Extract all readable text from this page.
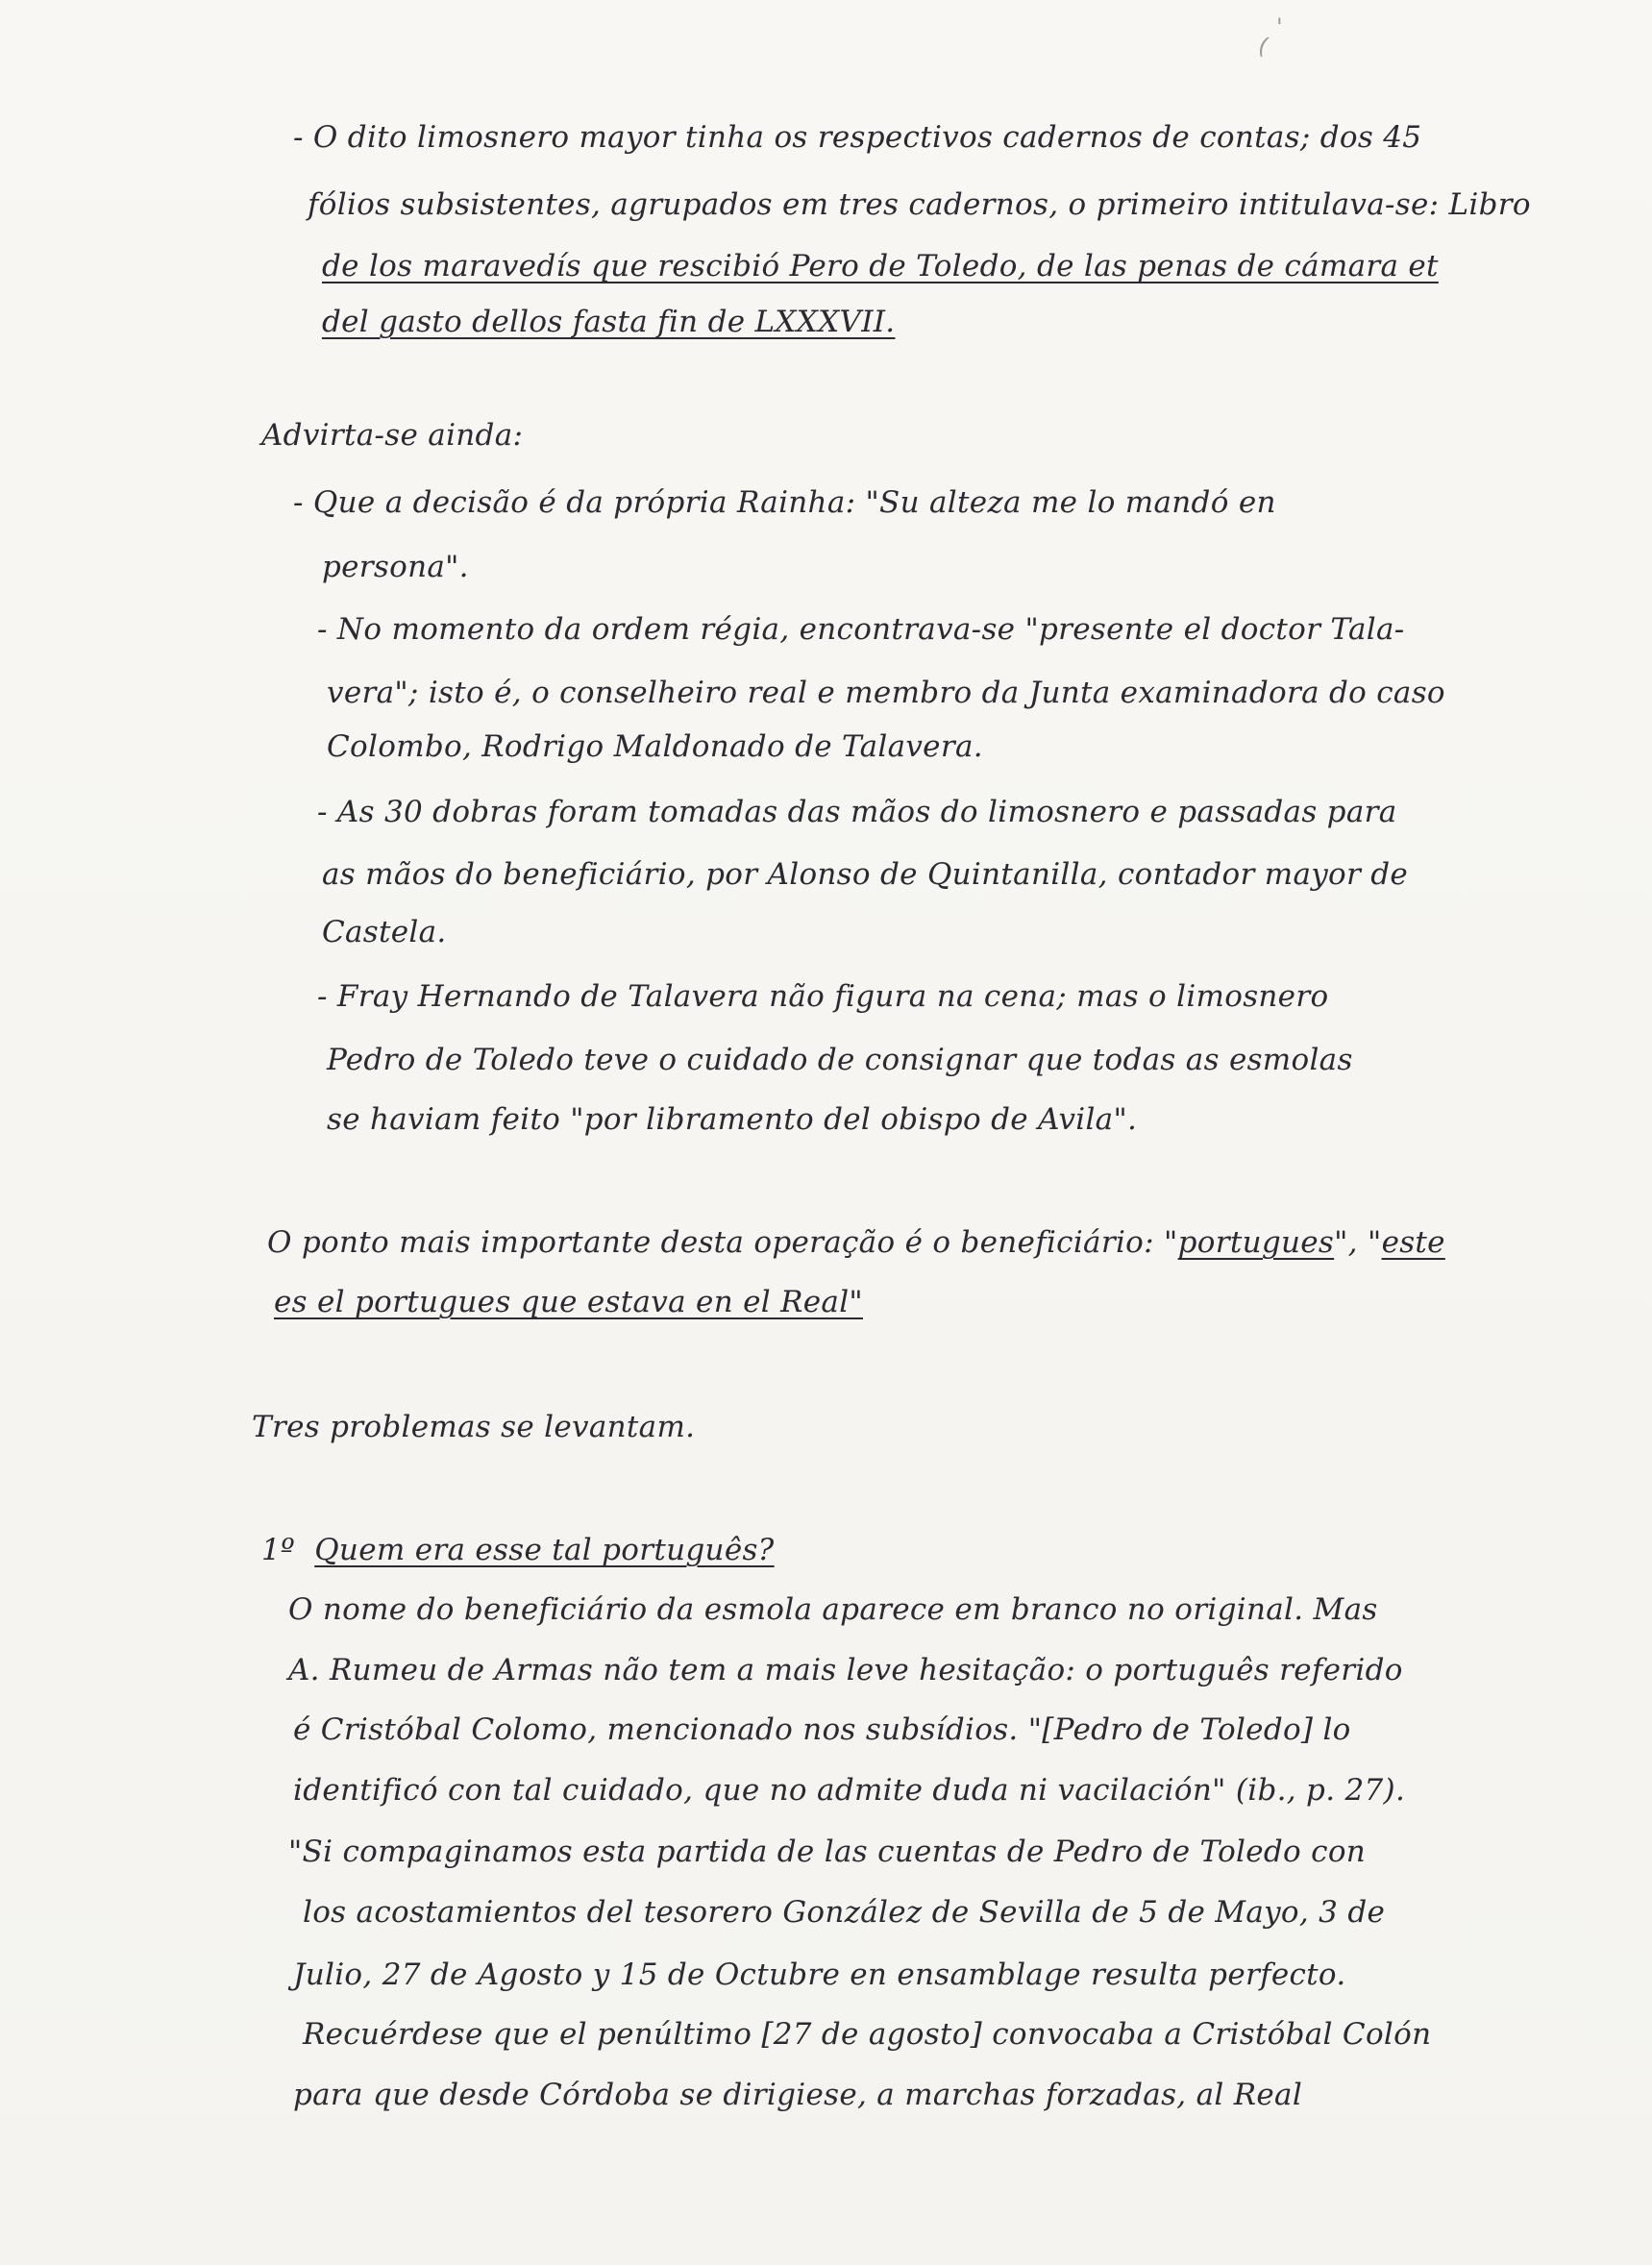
'
(
- O dito limosnero mayor tinha os respectivos cadernos de contas; dos 45
fólios subsistentes, agrupados em tres cadernos, o primeiro intitulava-se: Libro
de los maravedís que rescibió Pero de Toledo, de las penas de cámara et
del gasto dellos fasta fin de LXXXVII.
Advirta-se ainda:
- Que a decisão é da própria Rainha: "Su alteza me lo mandó en
persona".
- No momento da ordem régia, encontrava-se "presente el doctor Tala-
vera"; isto é, o conselheiro real e membro da Junta examinadora do caso
Colombo, Rodrigo Maldonado de Talavera.
- As 30 dobras foram tomadas das mãos do limosnero e passadas para
as mãos do beneficiário, por Alonso de Quintanilla, contador mayor de
Castela.
- Fray Hernando de Talavera não figura na cena; mas o limosnero
Pedro de Toledo teve o cuidado de consignar que todas as esmolas
se haviam feito "por libramento del obispo de Avila".
O ponto mais importante desta operação é o beneficiário: "portugues", "este
es el portugues que estava en el Real"
Tres problemas se levantam.
1º Quem era esse tal português?
O nome do beneficiário da esmola aparece em branco no original. Mas
A. Rumeu de Armas não tem a mais leve hesitação: o português referido
é Cristóbal Colomo, mencionado nos subsídios. "[Pedro de Toledo] lo
identificó con tal cuidado, que no admite duda ni vacilación" (ib., p. 27).
"Si compaginamos esta partida de las cuentas de Pedro de Toledo con
los acostamientos del tesorero González de Sevilla de 5 de Mayo, 3 de
Julio, 27 de Agosto y 15 de Octubre en ensamblage resulta perfecto.
Recuérdese que el penúltimo [27 de agosto] convocaba a Cristóbal Colón
para que desde Córdoba se dirigiese, a marchas forzadas, al Real
